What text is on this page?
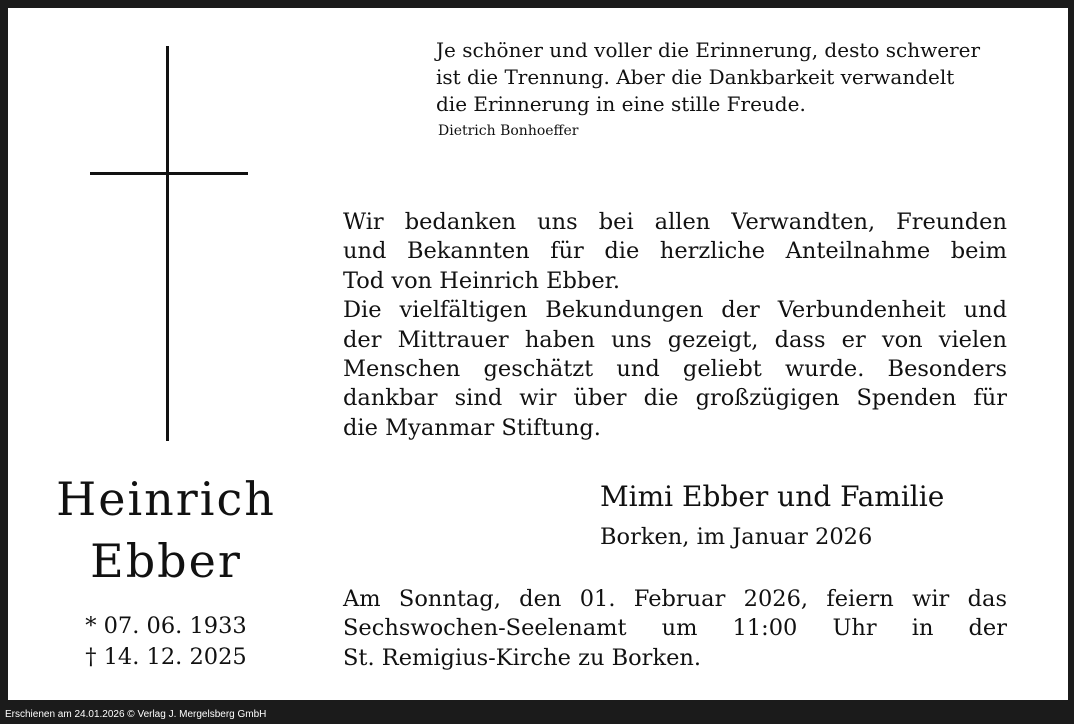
Je schöner und voller die Erinnerung, desto schwerer
ist die Trennung. Aber die Dankbarkeit verwandelt
die Erinnerung in eine stille Freude.
Dietrich Bonhoeffer
Wir bedanken uns bei allen Verwandten, Freunden
und Bekannten für die herzliche Anteilnahme beim
Tod von Heinrich Ebber.
Die vielfältigen Bekundungen der Verbundenheit und
der Mittrauer haben uns gezeigt, dass er von vielen
Menschen geschätzt und geliebt wurde. Besonders
dankbar sind wir über die großzügigen Spenden für
die Myanmar Stiftung.
Heinrich
Ebber
* 07. 06. 1933
† 14. 12. 2025
Mimi Ebber und Familie
Borken, im Januar 2026
Am Sonntag, den 01. Februar 2026, feiern wir das
Sechswochen-Seelenamt um 11:00 Uhr in der
St. Remigius-Kirche zu Borken.
Erschienen am 24.01.2026 © Verlag J. Mergelsberg GmbH
